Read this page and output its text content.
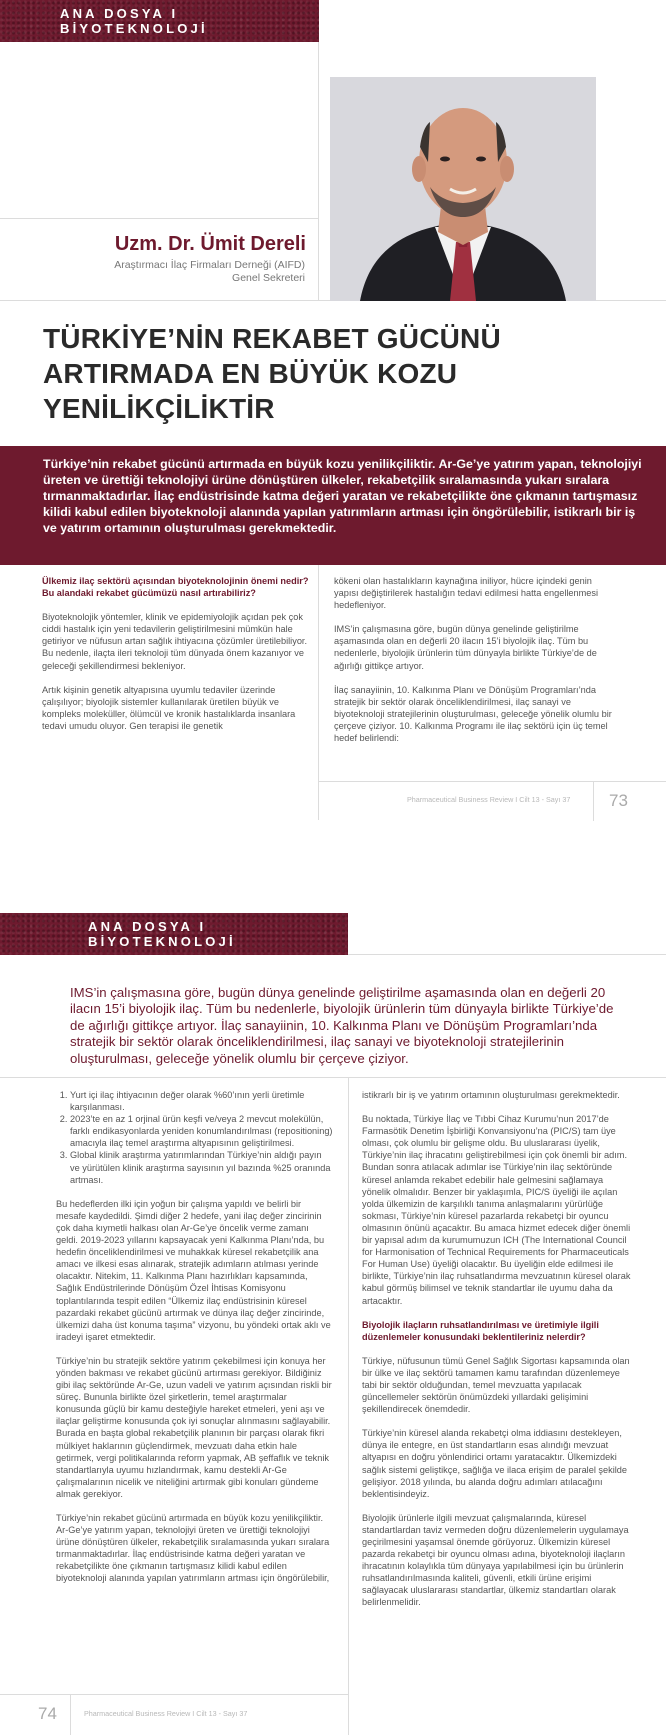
ANA DOSYA I BİYOTEKNOLOJİ
Uzm. Dr. Ümit Dereli
Araştırmacı İlaç Firmaları Derneği (AIFD)
Genel Sekreteri
TÜRKİYE’NİN REKABET GÜCÜNÜ ARTIRMADA EN BÜYÜK KOZU YENİLİKÇİLİKTİR
Türkiye’nin rekabet gücünü artırmada en büyük kozu yenilikçiliktir. Ar-Ge’ye yatırım yapan, teknolojiyi üreten ve ürettiği teknolojiyi ürüne dönüştüren ülkeler, rekabetçilik sıralamasında yukarı sıralara tırmanmaktadırlar. İlaç endüstrisinde katma değeri yaratan ve rekabetçilikte öne çıkmanın tartışmasız kilidi kabul edilen biyoteknoloji alanında yapılan yatırımların artması için öngörülebilir, istikrarlı bir iş ve yatırım ortamının oluşturulması gerekmektedir.

Ülkemiz ilaç sektörü açısından biyoteknolojinin önemi nedir? Bu alandaki rekabet gücümüzü nasıl artırabiliriz?

Biyoteknolojik yöntemler, klinik ve epidemiyolojik açıdan pek çok ciddi hastalık için yeni tedavilerin geliştirilmesini mümkün hale getiriyor ve nüfusun artan sağlık ihtiyacına çözümler üretilebiliyor. Bu nedenle, ilaçta ileri teknoloji tüm dünyada önem kazanıyor ve geleceği şekillendirmesi bekleniyor.

Artık kişinin genetik altyapısına uyumlu tedaviler üzerinde çalışılıyor; biyolojik sistemler kullanılarak üretilen büyük ve kompleks moleküller, ölümcül ve kronik hastalıklarda insanlara tedavi umudu oluyor. Gen terapisi ile genetik

kökeni olan hastalıkların kaynağına iniliyor, hücre içindeki genin yapısı değiştirilerek hastalığın tedavi edilmesi hatta engellenmesi hedefleniyor.

IMS’in çalışmasına göre, bugün dünya genelinde geliştirilme aşamasında olan en değerli 20 ilacın 15’i biyolojik ilaç. Tüm bu nedenlerle, biyolojik ürünlerin tüm dünyayla birlikte Türkiye’de de ağırlığı gittikçe artıyor.

İlaç sanayiinin, 10. Kalkınma Planı ve Dönüşüm Programları’nda stratejik bir sektör olarak önceliklendirilmesi, ilaç sanayi ve biyoteknoloji stratejilerinin oluşturulması, geleceğe yönelik olumlu bir çerçeve çiziyor. 10. Kalkınma Programı ile ilaç sektörü için üç temel hedef belirlendi:

Pharmaceutical Business Review I Cilt 13 - Sayı 37 73
ANA DOSYA I BİYOTEKNOLOJİ
IMS’in çalışmasına göre, bugün dünya genelinde geliştirilme aşamasında olan en değerli 20 ilacın 15’i biyolojik ilaç. Tüm bu nedenlerle, biyolojik ürünlerin tüm dünyayla birlikte Türkiye’de de ağırlığı gittikçe artıyor. İlaç sanayiinin, 10. Kalkınma Planı ve Dönüşüm Programları’nda stratejik bir sektör olarak önceliklendirilmesi, ilaç sanayi ve biyoteknoloji stratejilerinin oluşturulması, geleceğe yönelik olumlu bir çerçeve çiziyor.
1. Yurt içi ilaç ihtiyacının değer olarak %60’ının yerli üretimle karşılanması.
2. 2023’te en az 1 orjinal ürün keşfi ve/veya 2 mevcut molekülün, farklı endikasyonlarda yeniden konumlandırılması (repositioning) amacıyla ilaç temel araştırma altyapısının geliştirilmesi.
3. Global klinik araştırma yatırımlarından Türkiye’nin aldığı payın ve yürütülen klinik araştırma sayısının yıl bazında %25 oranında artması.

Bu hedeflerden ilki için yoğun bir çalışma yapıldı ve belirli bir mesafe kaydedildi. Şimdi diğer 2 hedefe, yani ilaç değer zincirinin çok daha kıymetli halkası olan Ar-Ge’ye öncelik verme zamanı geldi. 2019-2023 yıllarını kapsayacak yeni Kalkınma Planı’nda, bu hedefin önceliklendirilmesi ve muhakkak küresel rekabetçilik ana amacı ve ilkesi esas alınarak, stratejik adımların atılması yerinde olacaktır. Nitekim, 11. Kalkınma Planı hazırlıkları kapsamında, Sağlık Endüstrilerinde Dönüşüm Özel İhtisas Komisyonu toplantılarında tespit edilen “Ülkemiz ilaç endüstrisinin küresel pazardaki rekabet gücünü artırmak ve dünya ilaç değer zincirinde, ülkemizi daha üst konuma taşıma” vizyonu, bu yöndeki ortak aklı ve iradeyi işaret etmektedir.

Türkiye’nin bu stratejik sektöre yatırım çekebilmesi için konuya her yönden bakması ve rekabet gücünü artırması gerekiyor. Bildiğiniz gibi ilaç sektöründe Ar-Ge, uzun vadeli ve yatırım açısından riskli bir süreç. Bununla birlikte özel şirketlerin, temel araştırmalar konusunda güçlü bir kamu desteğiyle hareket etmeleri, yeni aşı ve ilaçlar geliştirme konusunda çok iyi sonuçlar alınmasını sağlayabilir. Burada en başta global rekabetçilik planının bir parçası olarak fikri mülkiyet haklarının güçlendirmek, mevzuatı daha etkin hale getirmek, vergi politikalarında reform yapmak, AB şeffaflık ve teknik standartlarıyla uyumu hızlandırmak, kamu destekli Ar-Ge çalışmalarının nicelik ve niteliğini artırmak gibi konuları gündeme almak gerekiyor.

Türkiye’nin rekabet gücünü artırmada en büyük kozu yenilikçiliktir. Ar-Ge’ye yatırım yapan, teknolojiyi üreten ve ürettiği teknolojiyi ürüne dönüştüren ülkeler, rekabetçilik sıralamasında yukarı sıralara tırmanmaktadırlar. İlaç endüstrisinde katma değeri yaratan ve rekabetçilikte öne çıkmanın tartışmasız kilidi kabul edilen biyoteknoloji alanında yapılan yatırımların artması için öngörülebilir,

istikrarlı bir iş ve yatırım ortamının oluşturulması gerekmektedir.

Bu noktada, Türkiye İlaç ve Tıbbi Cihaz Kurumu’nun 2017’de Farmasötik Denetim İşbirliği Konvansiyonu’na (PIC/S) tam üye olması, çok olumlu bir gelişme oldu. Bu uluslararası üyelik, Türkiye’nin ilaç ihracatını geliştirebilmesi için çok önemli bir adım. Bundan sonra atılacak adımlar ise Türkiye’nin ilaç sektöründe küresel anlamda rekabet edebilir hale gelmesini sağlamaya yönelik olmalıdır. Benzer bir yaklaşımla, PIC/S üyeliği ile açılan yolda ülkemizin de karşılıklı tanıma anlaşmalarını yürürlüğe sokması, Türkiye’nin küresel pazarlarda rekabetçi bir oyuncu olmasının önünü açacaktır. Bu amaca hizmet edecek diğer önemli bir yapısal adım da kurumumuzun ICH (The International Council for Harmonisation of Technical Requirements for Pharmaceuticals For Human Use) üyeliği olacaktır. Bu üyeliğin elde edilmesi ile birlikte, Türkiye’nin ilaç ruhsatlandırma mevzuatının küresel olarak kabul görmüş bilimsel ve teknik standartlar ile uyumu daha da artacaktır.

Biyolojik ilaçların ruhsatlandırılması ve üretimiyle ilgili düzenlemeler konusundaki beklentileriniz nelerdir?

Türkiye, nüfusunun tümü Genel Sağlık Sigortası kapsamında olan bir ülke ve ilaç sektörü tamamen kamu tarafından düzenlemeye tabi bir sektör olduğundan, temel mevzuatta yapılacak güncellemeler sektörün önümüzdeki yıllardaki gelişimini şekillendirecek önemdedir.

Türkiye’nin küresel alanda rekabetçi olma iddiasını destekleyen, dünya ile entegre, en üst standartların esas alındığı mevzuat altyapısı en doğru yönlendirici ortamı yaratacaktır. Ülkemizdeki sağlık sistemi geliştikçe, sağlığa ve ilaca erişim de paralel şekilde gelişiyor. 2018 yılında, bu alanda doğru adımları atılacağını beklentisindeyiz.

Biyolojik ürünlerle ilgili mevzuat çalışmalarında, küresel standartlardan taviz vermeden doğru düzenlemelerin uygulamaya geçirilmesini yaşamsal önemde görüyoruz. Ülkemizin küresel pazarda rekabetçi bir oyuncu olması adına, biyoteknoloji ilaçların ihracatının kolaylıkla tüm dünyaya yapılabilmesi için bu ürünlerin ruhsatlandırılmasında kaliteli, güvenli, etkili ürüne erişimi sağlayacak uluslararası standartlar, ülkemiz standartları olarak belirlenmelidir.

74	Pharmaceutical Business Review I Cilt 13 - Sayı 37
